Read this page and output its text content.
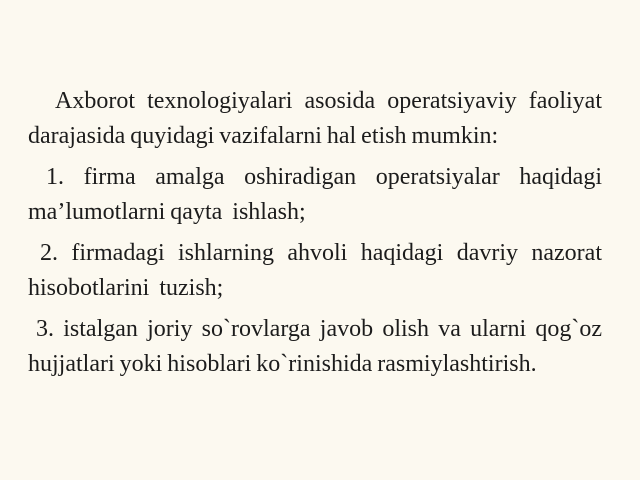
Axborot texnologiyalari asosida operatsiyaviy faoliyat darajasida quyidagi vazifalarni hal etish mumkin:

1. firma amalga oshiradigan operatsiyalar haqidagi ma’lumotlarni qayta  ishlash;

2. firmadagi ishlarning ahvoli haqidagi davriy nazorat hisobotlarini  tuzish;

3. istalgan joriy so`rovlarga javob olish va ularni qog`oz hujjatlari yoki hisoblari ko`rinishida rasmiylashtirish.
